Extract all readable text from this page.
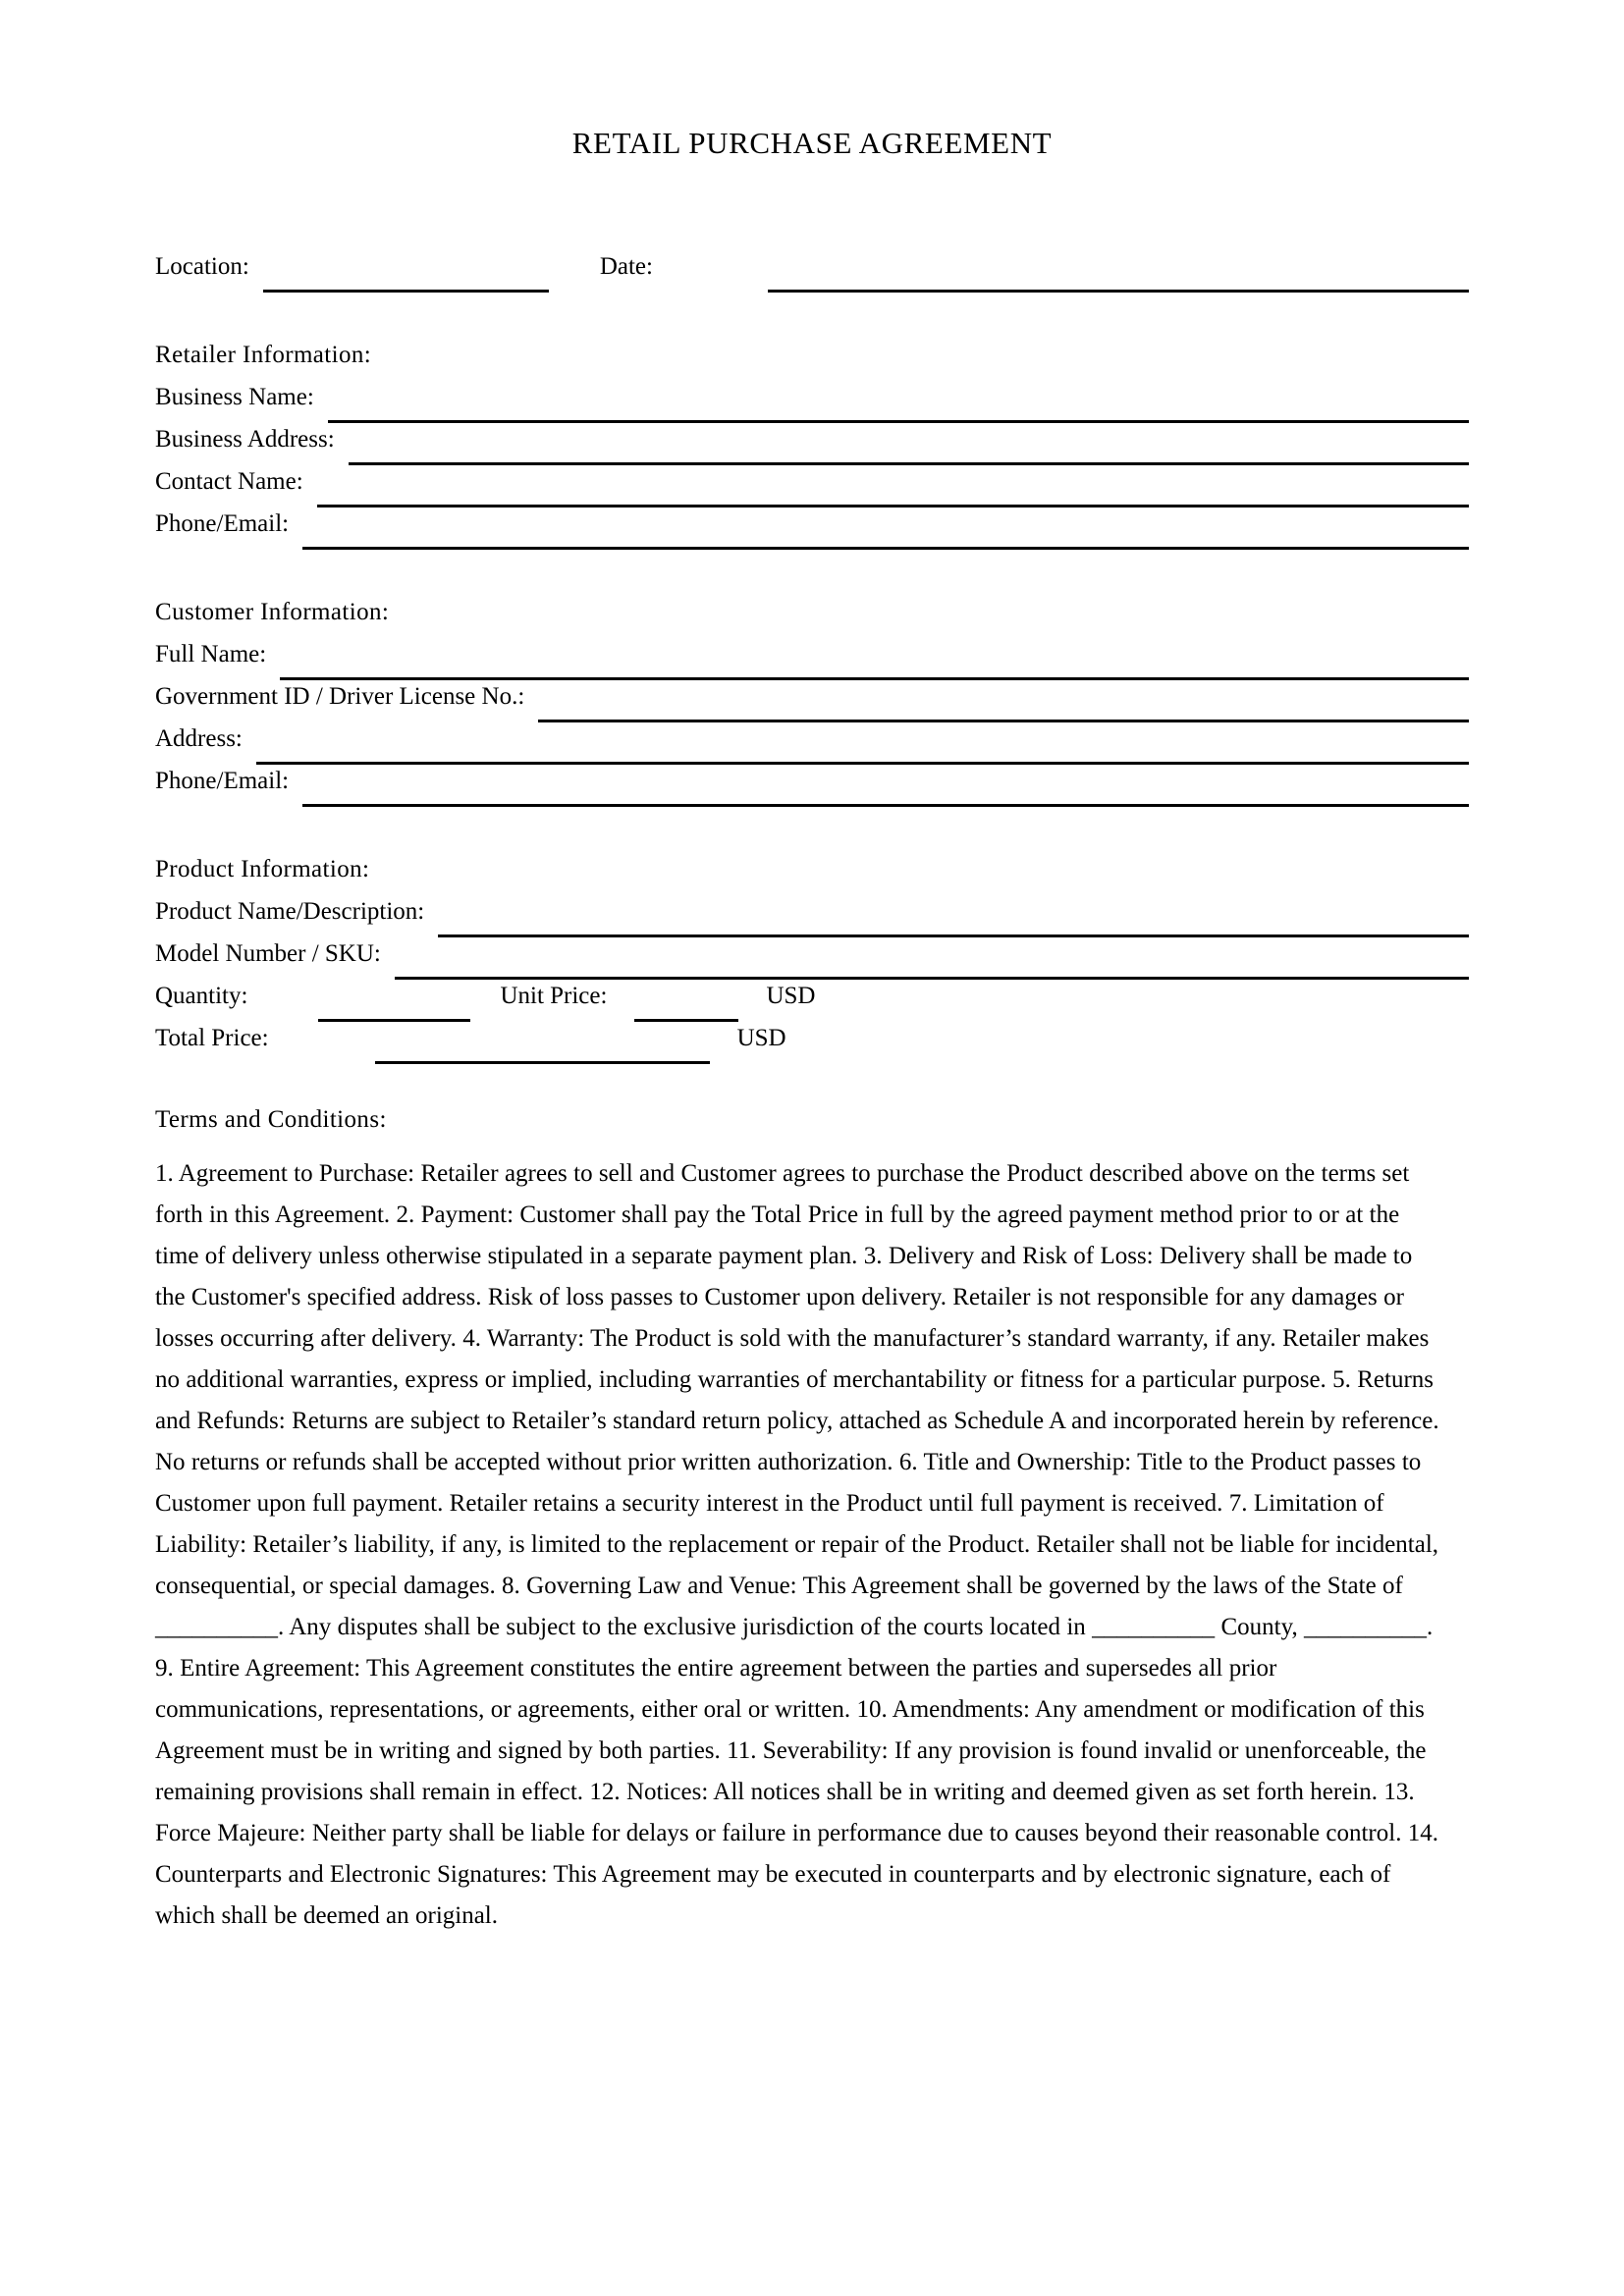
RETAIL PURCHASE AGREEMENT
Location:	Date:
Retailer Information:
Business Name:
Business Address:
Contact Name:
Phone/Email:
Customer Information:
Full Name:
Government ID / Driver License No.:
Address:
Phone/Email:
Product Information:
Product Name/Description:
Model Number / SKU:
Quantity:	Unit Price:	USD
Total Price:	USD
Terms and Conditions:
1. Agreement to Purchase: Retailer agrees to sell and Customer agrees to purchase the Product described above on the terms set forth in this Agreement. 2. Payment: Customer shall pay the Total Price in full by the agreed payment method prior to or at the time of delivery unless otherwise stipulated in a separate payment plan. 3. Delivery and Risk of Loss: Delivery shall be made to the Customer's specified address. Risk of loss passes to Customer upon delivery. Retailer is not responsible for any damages or losses occurring after delivery. 4. Warranty: The Product is sold with the manufacturer’s standard warranty, if any. Retailer makes no additional warranties, express or implied, including warranties of merchantability or fitness for a particular purpose. 5. Returns and Refunds: Returns are subject to Retailer’s standard return policy, attached as Schedule A and incorporated herein by reference. No returns or refunds shall be accepted without prior written authorization. 6. Title and Ownership: Title to the Product passes to Customer upon full payment. Retailer retains a security interest in the Product until full payment is received. 7. Limitation of Liability: Retailer’s liability, if any, is limited to the replacement or repair of the Product. Retailer shall not be liable for incidental, consequential, or special damages. 8. Governing Law and Venue: This Agreement shall be governed by the laws of the State of __________. Any disputes shall be subject to the exclusive jurisdiction of the courts located in __________ County, __________. 9. Entire Agreement: This Agreement constitutes the entire agreement between the parties and supersedes all prior communications, representations, or agreements, either oral or written. 10. Amendments: Any amendment or modification of this Agreement must be in writing and signed by both parties. 11. Severability: If any provision is found invalid or unenforceable, the remaining provisions shall remain in effect. 12. Notices: All notices shall be in writing and deemed given as set forth herein. 13. Force Majeure: Neither party shall be liable for delays or failure in performance due to causes beyond their reasonable control. 14. Counterparts and Electronic Signatures: This Agreement may be executed in counterparts and by electronic signature, each of which shall be deemed an original.
